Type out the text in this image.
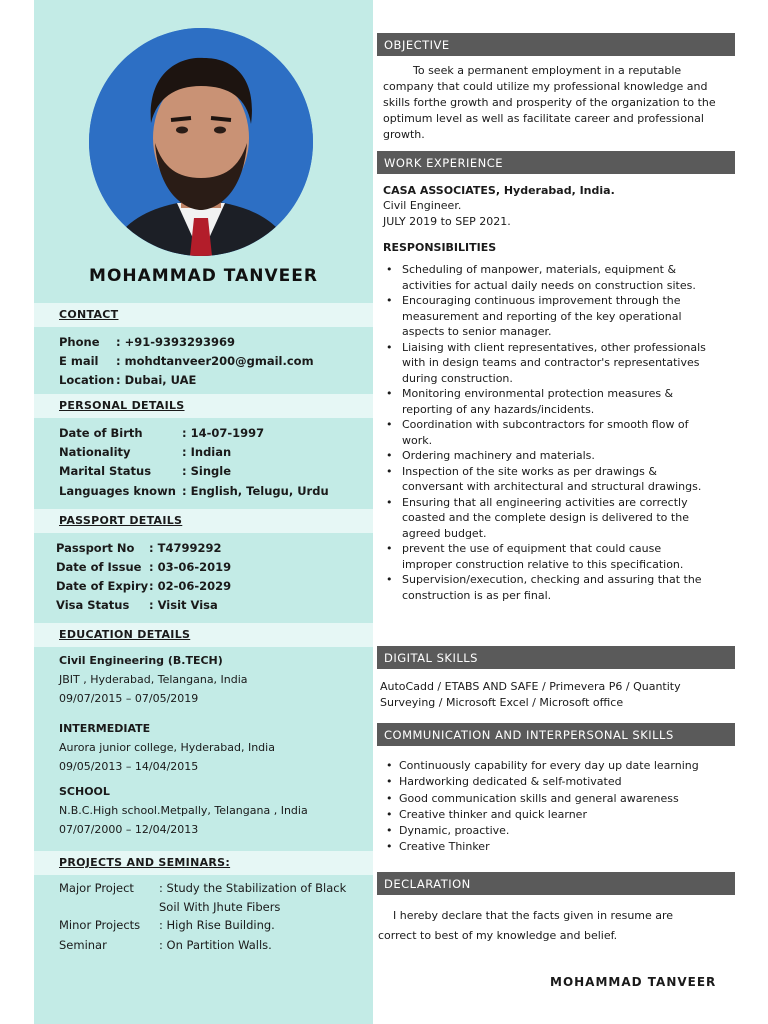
MOHAMMAD TANVEER
CONTACT
Phone : +91-9393293969
E mail : mohdtanveer200@gmail.com
Location : Dubai, UAE
PERSONAL DETAILS
Date of Birth	: 14-07-1997
Nationality	: Indian
Marital Status	: Single
Languages known : English, Telugu, Urdu
PASSPORT DETAILS
Passport No : T4799292
Date of Issue : 03-06-2019
Date of Expiry : 02-06-2029
Visa Status : Visit Visa
EDUCATION DETAILS
Civil Engineering (B.TECH)
JBIT , Hyderabad, Telangana, India
09/07/2015 – 07/05/2019
INTERMEDIATE
Aurora junior college, Hyderabad, India
09/05/2013 – 14/04/2015
SCHOOL
N.B.C.High school.Metpally, Telangana , India
07/07/2000 – 12/04/2013
PROJECTS AND SEMINARS:
Major Project : Study the Stabilization of Black
Soil With Jhute Fibers
Minor Projects : High Rise Building.
Seminar	: On Partition Walls.
OBJECTIVE
To seek a permanent employment in a reputable company that could utilize my professional knowledge and skills forthe growth and prosperity of the organization to the optimum level as well as facilitate career and professional growth.
WORK EXPERIENCE
CASA ASSOCIATES, Hyderabad, India.
Civil Engineer.
JULY 2019 to SEP 2021.
RESPONSIBILITIES
• Scheduling of manpower, materials, equipment & activities for actual daily needs on construction sites.
• Encouraging continuous improvement through the measurement and reporting of the key operational aspects to senior manager.
• Liaising with client representatives, other professionals with in design teams and contractor's representatives during construction.
• Monitoring environmental protection measures & reporting of any hazards/incidents.
• Coordination with subcontractors for smooth flow of work.
• Ordering machinery and materials.
• Inspection of the site works as per drawings & conversant with architectural and structural drawings.
• Ensuring that all engineering activities are correctly coasted and the complete design is delivered to the agreed budget.
• prevent the use of equipment that could cause improper construction relative to this specification.
• Supervision/execution, checking and assuring that the construction is as per final.
DIGITAL SKILLS
AutoCadd / ETABS AND SAFE / Primevera P6 / Quantity Surveying / Microsoft Excel / Microsoft office
COMMUNICATION AND INTERPERSONAL SKILLS
• Continuously capability for every day up date learning
• Hardworking dedicated & self-motivated
• Good communication skills and general awareness
• Creative thinker and quick learner
• Dynamic, proactive.
• Creative Thinker
DECLARATION
I hereby declare that the facts given in resume are correct to best of my knowledge and belief.
MOHAMMAD TANVEER
